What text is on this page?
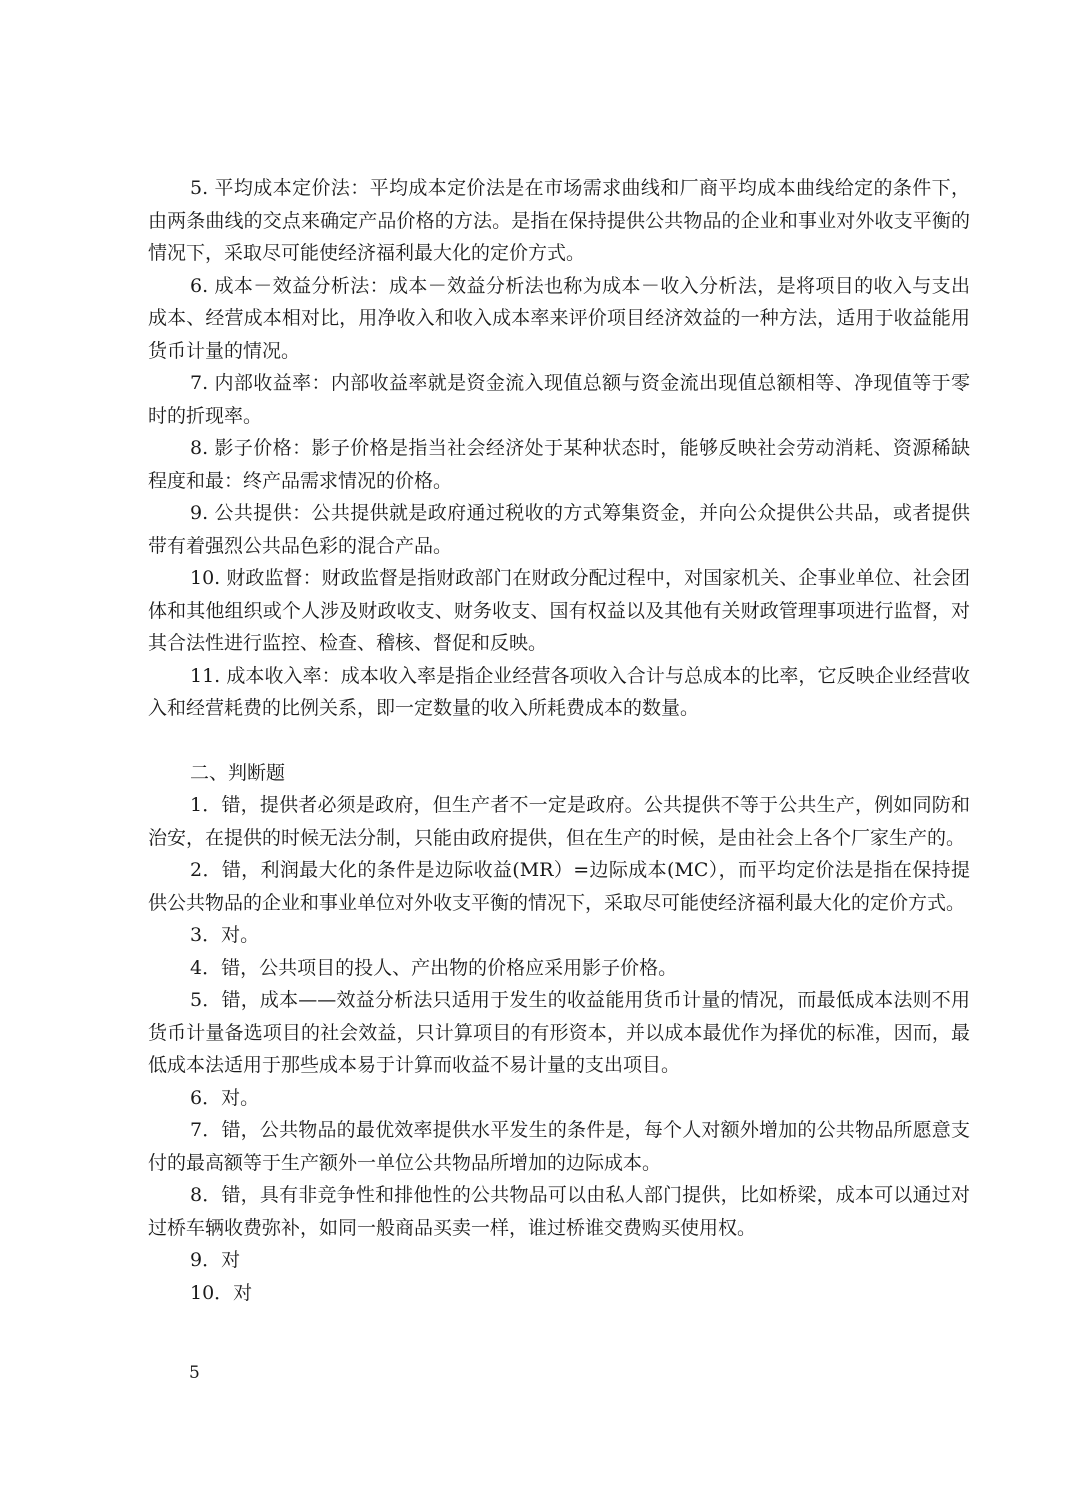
5. 平均成本定价法：平均成本定价法是在市场需求曲线和厂商平均成本曲线给定的条件下，由两条曲线的交点来确定产品价格的方法。是指在保持提供公共物品的企业和事业对外收支平衡的情况下，采取尽可能使经济福利最大化的定价方式。

6. 成本－效益分析法：成本－效益分析法也称为成本－收入分析法，是将项目的收入与支出成本、经营成本相对比，用净收入和收入成本率来评价项目经济效益的一种方法，适用于收益能用货币计量的情况。

7. 内部收益率：内部收益率就是资金流入现值总额与资金流出现值总额相等、净现值等于零时的折现率。

8. 影子价格：影子价格是指当社会经济处于某种状态时，能够反映社会劳动消耗、资源稀缺程度和最：终产品需求情况的价格。

9. 公共提供：公共提供就是政府通过税收的方式筹集资金，并向公众提供公共品，或者提供带有着强烈公共品色彩的混合产品。

10. 财政监督：财政监督是指财政部门在财政分配过程中，对国家机关、企事业单位、社会团体和其他组织或个人涉及财政收支、财务收支、国有权益以及其他有关财政管理事项进行监督，对其合法性进行监控、检查、稽核、督促和反映。

11. 成本收入率：成本收入率是指企业经营各项收入合计与总成本的比率，它反映企业经营收入和经营耗费的比例关系，即一定数量的收入所耗费成本的数量。

二、判断题

1．错，提供者必须是政府，但生产者不一定是政府。公共提供不等于公共生产，例如同防和治安，在提供的时候无法分制，只能由政府提供，但在生产的时候，是由社会上各个厂家生产的。

2．错，利润最大化的条件是边际收益(MR）=边际成本(MC），而平均定价法是指在保持提供公共物品的企业和事业单位对外收支平衡的情况下，采取尽可能使经济福利最大化的定价方式。

3．对。

4．错，公共项目的投人、产出物的价格应采用影子价格。

5．错，成本——效益分析法只适用于发生的收益能用货币计量的情况，而最低成本法则不用货币计量备选项目的社会效益，只计算项目的有形资本，并以成本最优作为择优的标准，因而，最低成本法适用于那些成本易于计算而收益不易计量的支出项目。

6．对。

7．错，公共物品的最优效率提供水平发生的条件是，每个人对额外增加的公共物品所愿意支付的最高额等于生产额外一单位公共物品所增加的边际成本。

8．错，具有非竞争性和排他性的公共物品可以由私人部门提供，比如桥梁，成本可以通过对过桥车辆收费弥补，如同一般商品买卖一样，谁过桥谁交费购买使用权。

9．对

10．对

5
